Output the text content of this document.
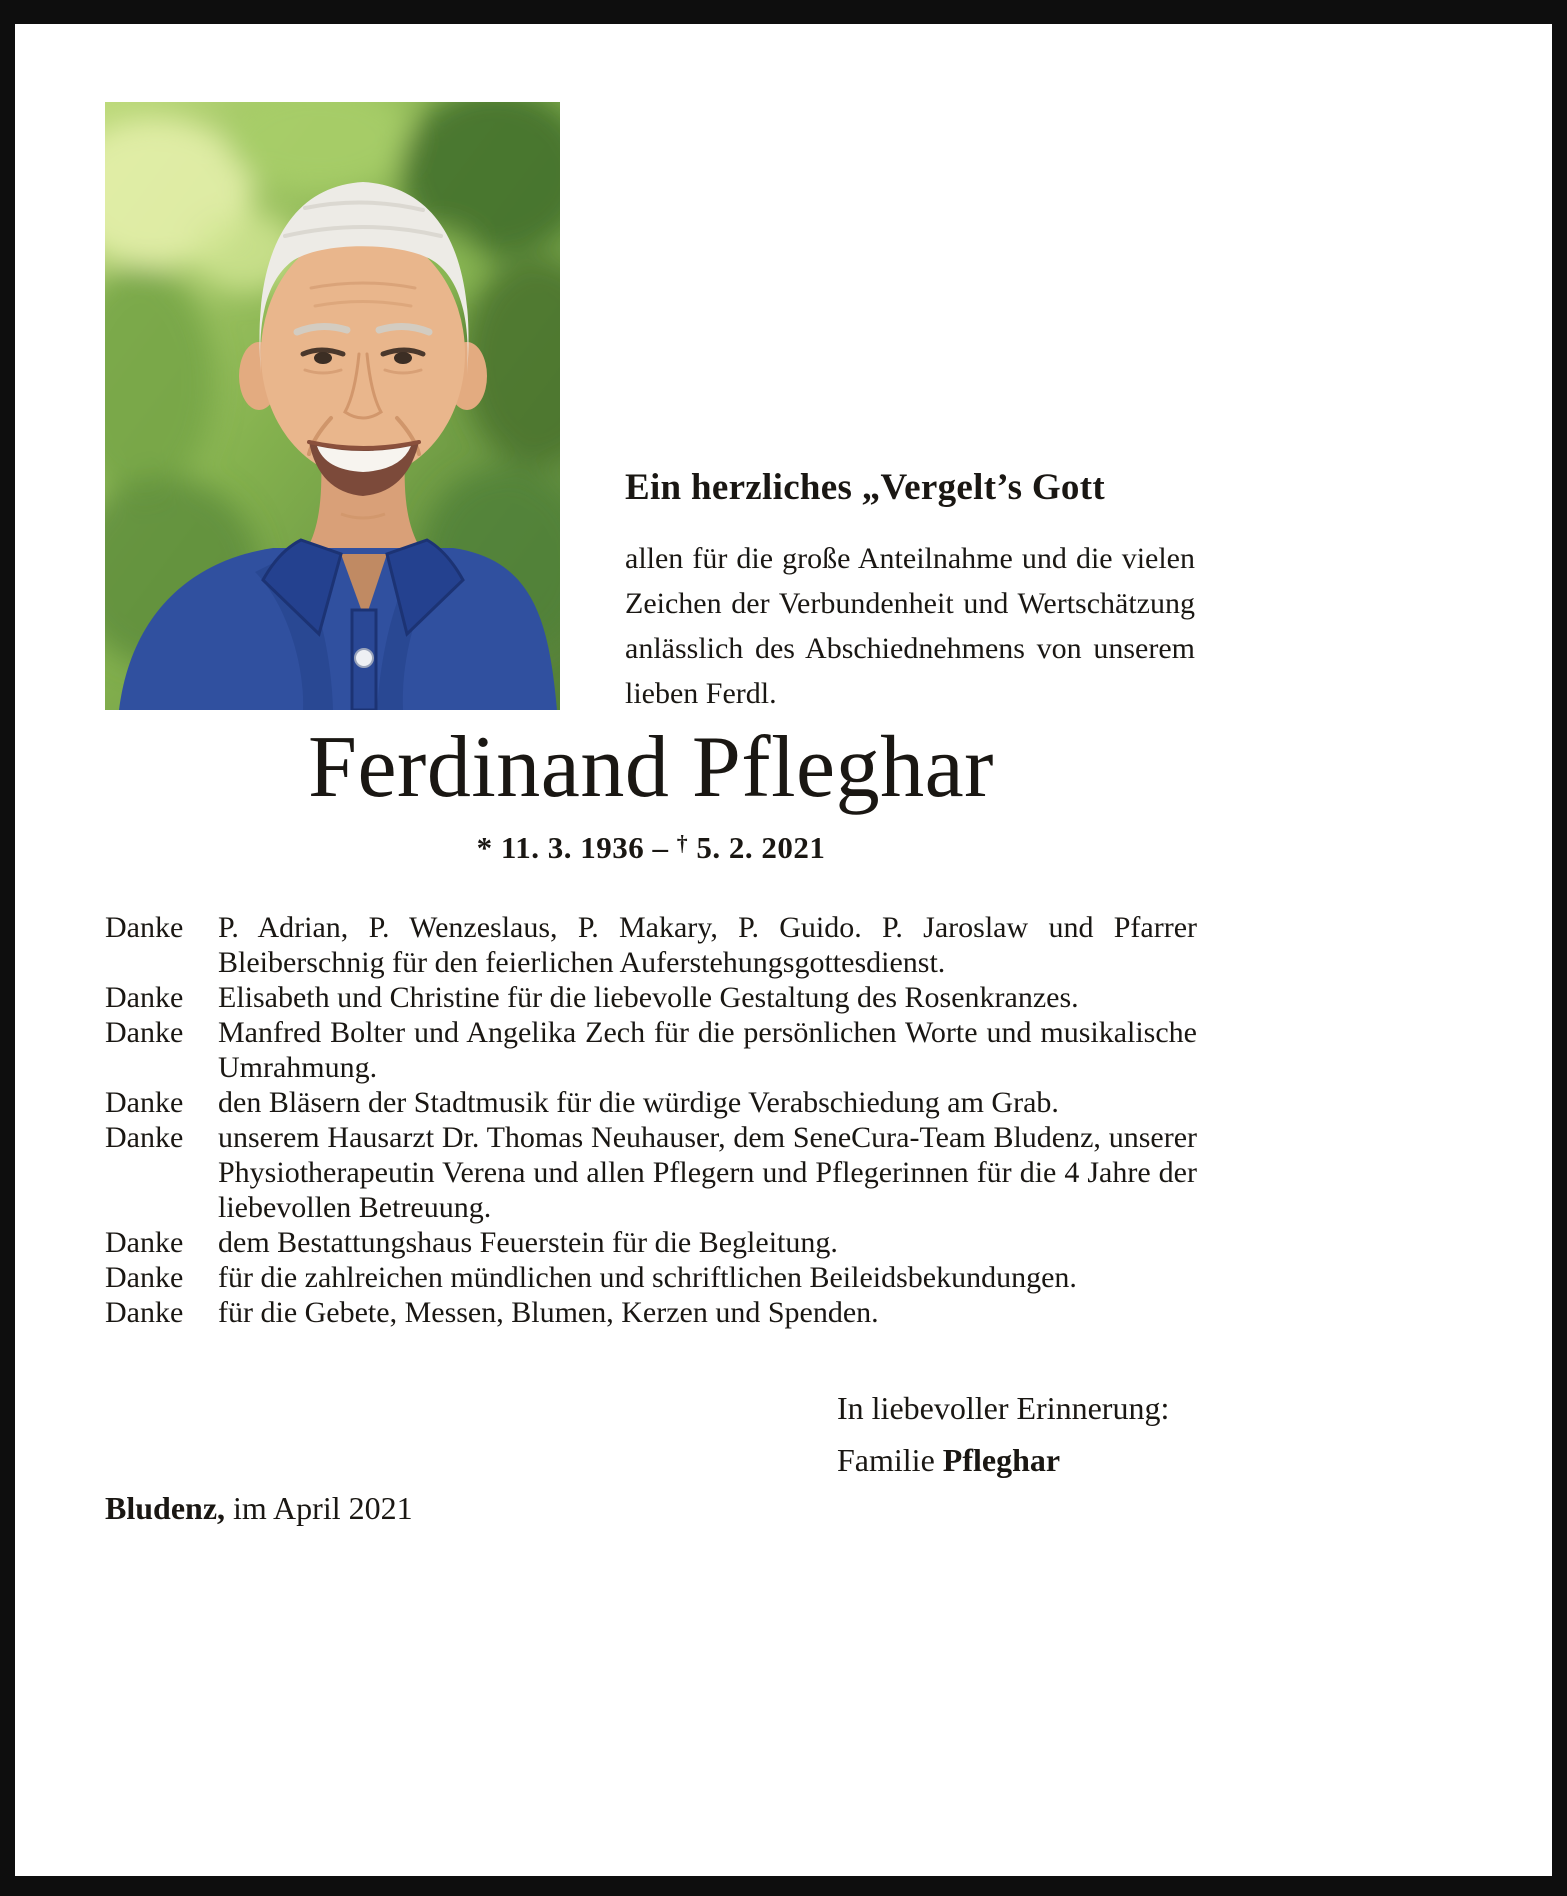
Ein herzliches „Vergelt’s Gott
allen für die große Anteilnahme und die vielen Zeichen der Verbundenheit und Wertschätzung anlässlich des Abschiednehmens von unserem lieben Ferdl.
Ferdinand Pfleghar
* 11. 3. 1936 – † 5. 2. 2021
Danke P. Adrian, P. Wenzeslaus, P. Makary, P. Guido. P. Jaroslaw und Pfarrer Bleiberschnig für den feierlichen Auferstehungsgottesdienst.
Danke Elisabeth und Christine für die liebevolle Gestaltung des Rosenkranzes.
Danke Manfred Bolter und Angelika Zech für die persönlichen Worte und musikalische Umrahmung.
Danke den Bläsern der Stadtmusik für die würdige Verabschiedung am Grab.
Danke unserem Hausarzt Dr. Thomas Neuhauser, dem SeneCura-Team Bludenz, unserer Physiotherapeutin Verena und allen Pflegern und Pflegerinnen für die 4 Jahre der liebevollen Betreuung.
Danke dem Bestattungshaus Feuerstein für die Begleitung.
Danke für die zahlreichen mündlichen und schriftlichen Beileidsbekundungen.
Danke für die Gebete, Messen, Blumen, Kerzen und Spenden.
In liebevoller Erinnerung:
Familie Pfleghar
Bludenz, im April 2021
